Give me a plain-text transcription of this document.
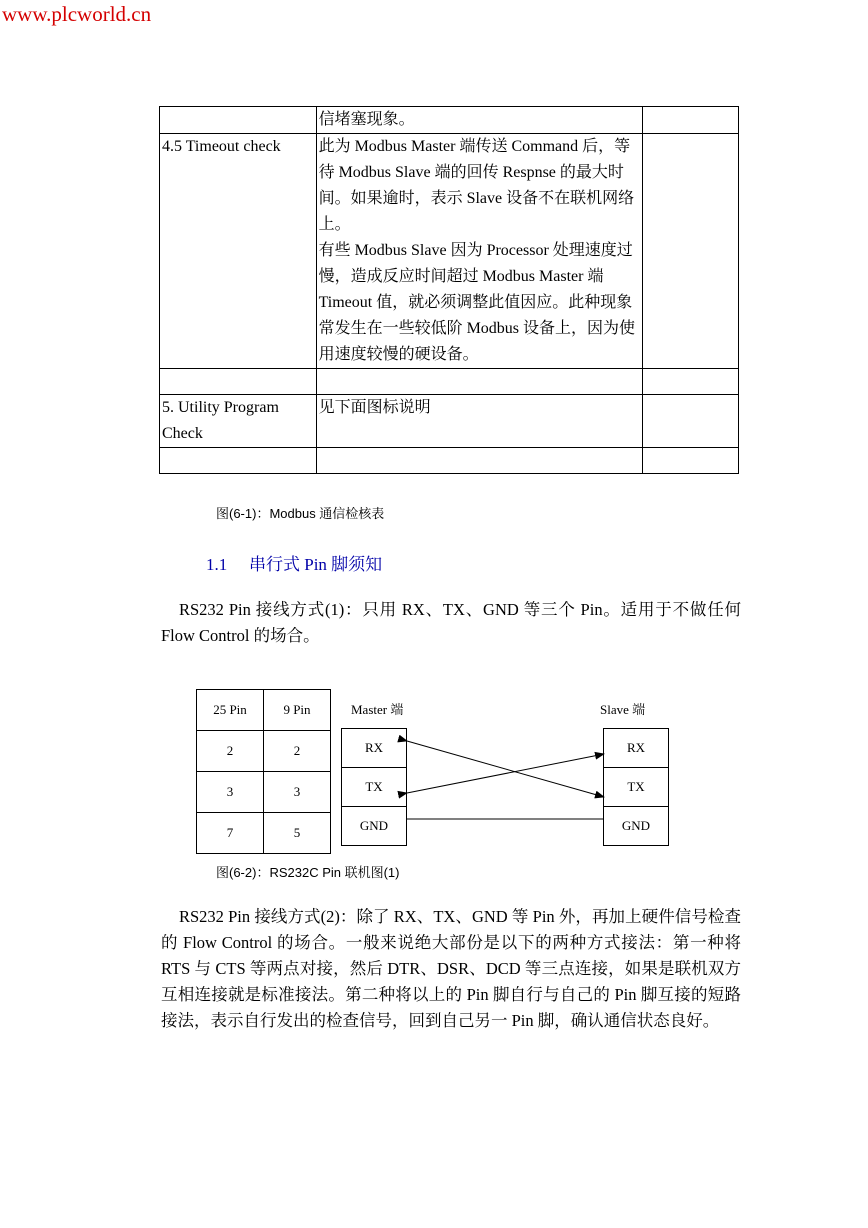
www.plcworld.cn
	信堵塞现象。	
4.5 Timeout check	此为 Modbus Master 端传送 Command 后，等待 Modbus Slave 端的回传 Respnse 的最大时间。如果逾时，表示 Slave 设备不在联机网络上。
有些 Modbus Slave 因为 Processor 处理速度过慢，造成反应时间超过 Modbus Master 端 Timeout 值，就必须调整此值因应。此种现象常发生在一些较低阶 Modbus 设备上，因为使用速度较慢的硬设备。	

5. Utility Program Check	见下面图标说明	

图(6-1)：Modbus 通信检核表
1.1 串行式 Pin 脚须知
RS232 Pin 接线方式(1)：只用 RX、TX、GND 等三个 Pin。适用于不做任何 Flow Control 的场合。
25 Pin	9 Pin
2	2
3	3
7	5
Master 端	Slave 端
RX
TX
GND
RX
TX
GND
图(6-2)：RS232C Pin 联机图(1)
RS232 Pin 接线方式(2)：除了 RX、TX、GND 等 Pin 外，再加上硬件信号检查的 Flow Control 的场合。一般来说绝大部份是以下的两种方式接法：第一种将 RTS 与 CTS 等两点对接，然后 DTR、DSR、DCD 等三点连接，如果是联机双方互相连接就是标准接法。第二种将以上的 Pin 脚自行与自己的 Pin 脚互接的短路接法，表示自行发出的检查信号，回到自己另一 Pin 脚，确认通信状态良好。
